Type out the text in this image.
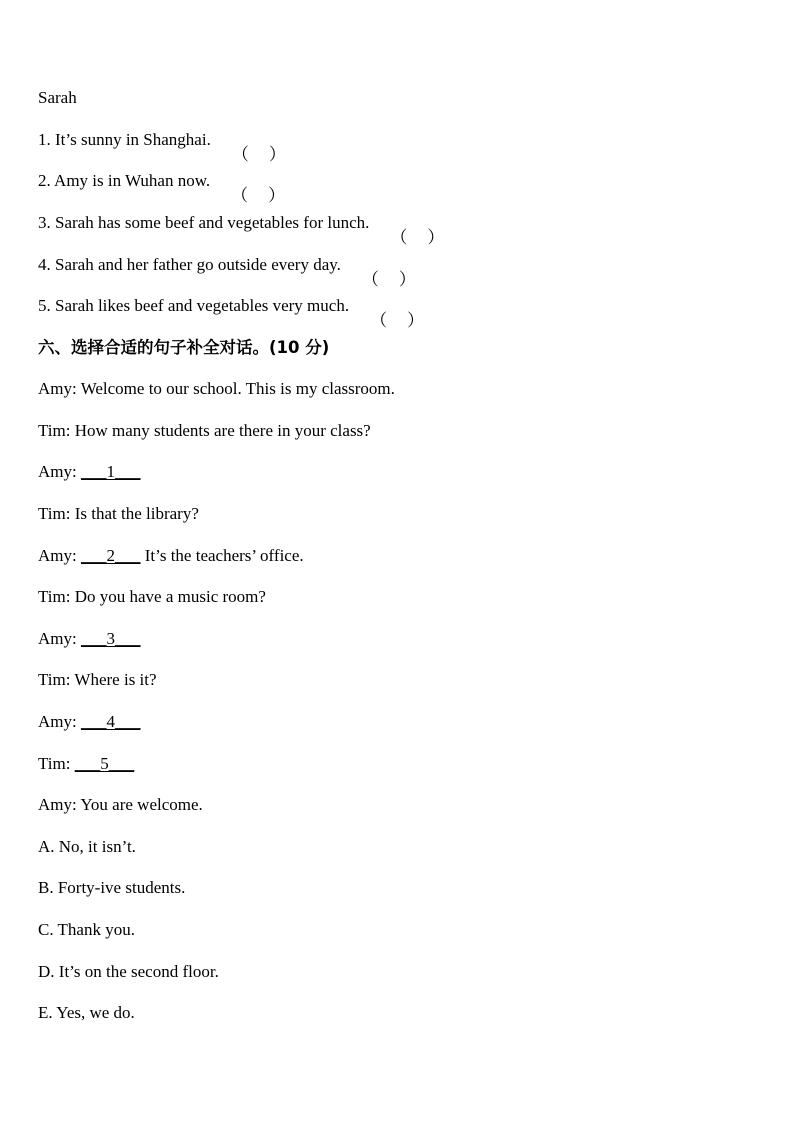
Sarah
1. It’s sunny in Shanghai.
（ ）
2. Amy is in Wuhan now.
（ ）
3. Sarah has some beef and vegetables for lunch.
（ ）
4. Sarah and her father go outside every day.
（ ）
5. Sarah likes beef and vegetables very much.
（ ）
六、选择合适的句子补全对话。(10 分)
Amy: Welcome to our school. This is my classroom.
Tim: How many students are there in your class?
Amy: ___1___
Tim: Is that the library?
Amy: ___2___ It’s the teachers’ office.
Tim: Do you have a music room?
Amy: ___3___
Tim: Where is it?
Amy: ___4___
Tim: ___5___
Amy: You are welcome.
A. No, it isn’t.
B. Forty-ive students.
C. Thank you.
D. It’s on the second floor.
E. Yes, we do.
